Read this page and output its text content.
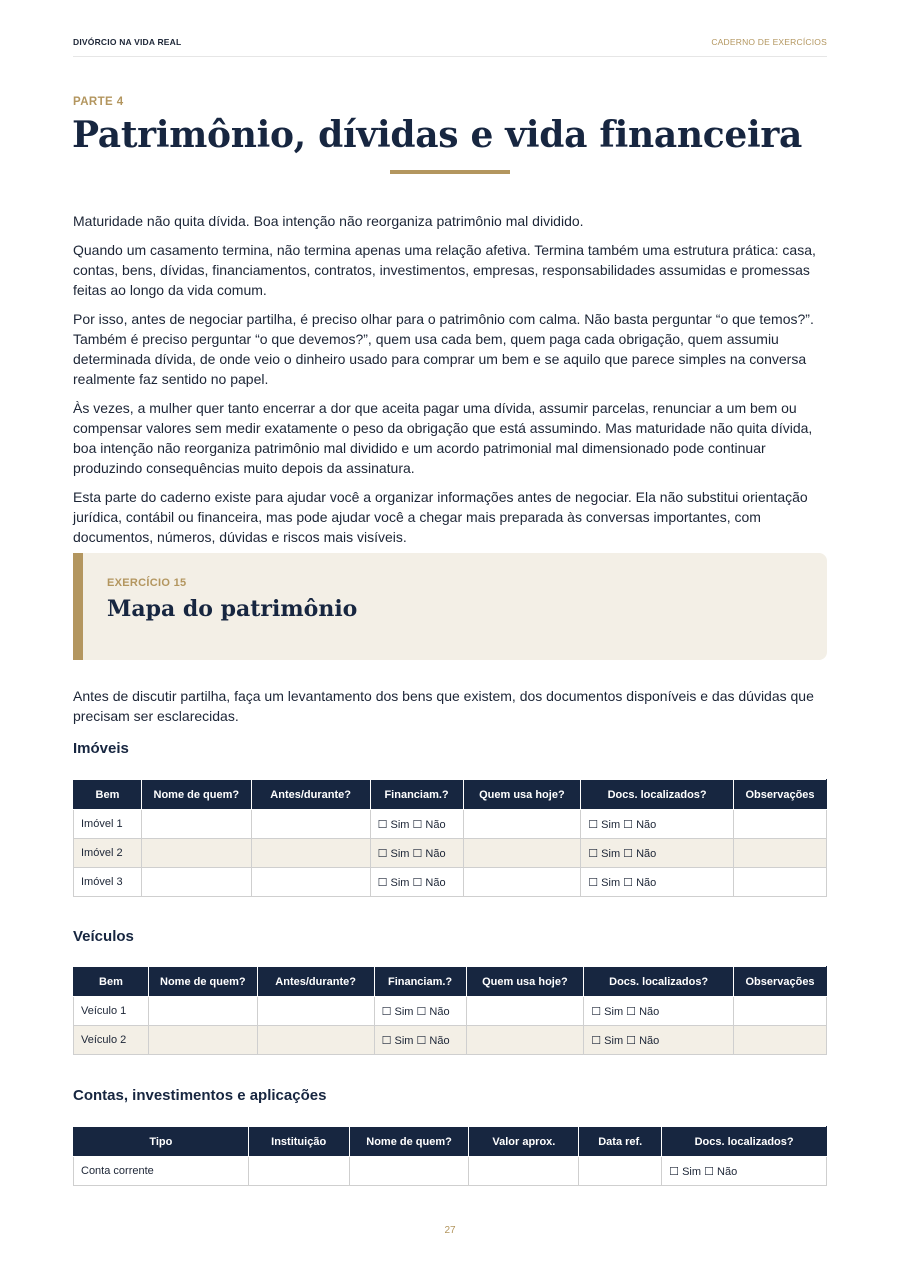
DIVÓRCIO NA VIDA REAL	CADERNO DE EXERCÍCIOS
PARTE 4
Patrimônio, dívidas e vida financeira

Maturidade não quita dívida. Boa intenção não reorganiza patrimônio mal dividido.

Quando um casamento termina, não termina apenas uma relação afetiva. Termina também uma estrutura prática: casa, contas, bens, dívidas, financiamentos, contratos, investimentos, empresas, responsabilidades assumidas e promessas feitas ao longo da vida comum.

Por isso, antes de negociar partilha, é preciso olhar para o patrimônio com calma. Não basta perguntar “o que temos?”. Também é preciso perguntar “o que devemos?”, quem usa cada bem, quem paga cada obrigação, quem assumiu determinada dívida, de onde veio o dinheiro usado para comprar um bem e se aquilo que parece simples na conversa realmente faz sentido no papel.

Às vezes, a mulher quer tanto encerrar a dor que aceita pagar uma dívida, assumir parcelas, renunciar a um bem ou compensar valores sem medir exatamente o peso da obrigação que está assumindo. Mas maturidade não quita dívida, boa intenção não reorganiza patrimônio mal dividido e um acordo patrimonial mal dimensionado pode continuar produzindo consequências muito depois da assinatura.

Esta parte do caderno existe para ajudar você a organizar informações antes de negociar. Ela não substitui orientação jurídica, contábil ou financeira, mas pode ajudar você a chegar mais preparada às conversas importantes, com documentos, números, dúvidas e riscos mais visíveis.

EXERCÍCIO 15
Mapa do patrimônio

Antes de discutir partilha, faça um levantamento dos bens que existem, dos documentos disponíveis e das dúvidas que precisam ser esclarecidas.

Imóveis
Bem	Nome de quem?	Antes/durante?	Financiam.?	Quem usa hoje?	Docs. localizados?	Observações
Imóvel 1			☐ Sim ☐ Não		☐ Sim ☐ Não	
Imóvel 2			☐ Sim ☐ Não		☐ Sim ☐ Não	
Imóvel 3			☐ Sim ☐ Não		☐ Sim ☐ Não	
Veículos
Bem	Nome de quem?	Antes/durante?	Financiam.?	Quem usa hoje?	Docs. localizados?	Observações
Veículo 1			☐ Sim ☐ Não		☐ Sim ☐ Não	
Veículo 2			☐ Sim ☐ Não		☐ Sim ☐ Não	
Contas, investimentos e aplicações
Tipo	Instituição	Nome de quem?	Valor aprox.	Data ref.	Docs. localizados?
Conta corrente					☐ Sim ☐ Não
27
